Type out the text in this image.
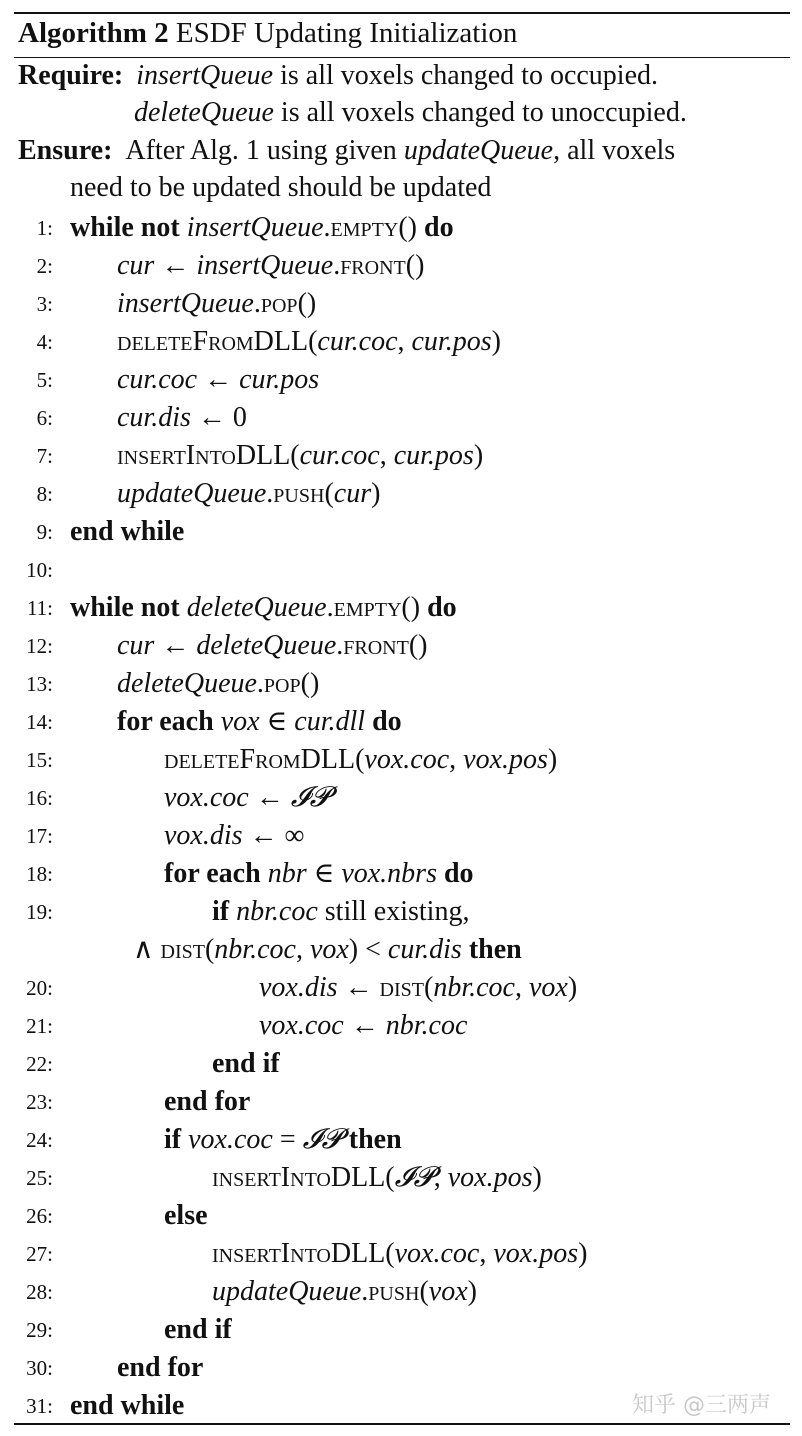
Algorithm 2 ESDF Updating Initialization
Require: insertQueue is all voxels changed to occupied.
deleteQueue is all voxels changed to unoccupied.
Ensure: After Alg. 1 using given updateQueue, all voxels
need to be updated should be updated
1: while not insertQueue.empty() do
2: cur ← insertQueue.front()
3: insertQueue.pop()
4: deleteFromDLL(cur.coc, cur.pos)
5: cur.coc ← cur.pos
6: cur.dis ← 0
7: insertIntoDLL(cur.coc, cur.pos)
8: updateQueue.push(cur)
9: end while
10:
11: while not deleteQueue.empty() do
12: cur ← deleteQueue.front()
13: deleteQueue.pop()
14: for each vox ∈ cur.dll do
15:	deleteFromDLL(vox.coc, vox.pos)
16:	vox.coc ← 𝓘𝓟
17:	vox.dis ← ∞
18:	for each nbr ∈ vox.nbrs do
19:	if nbr.coc still existing,
∧ dist(nbr.coc, vox) < cur.dis then
20:	vox.dis ← dist(nbr.coc, vox)
21:	vox.coc ← nbr.coc
22:	end if
23:	end for
24:	if vox.coc = 𝓘𝓟 then
25:	insertIntoDLL(𝓘𝓟, vox.pos)
26:	else
27:	insertIntoDLL(vox.coc, vox.pos)
28:	updateQueue.push(vox)
29:	end if
30: end for
31: end while	知乎 @三两声
